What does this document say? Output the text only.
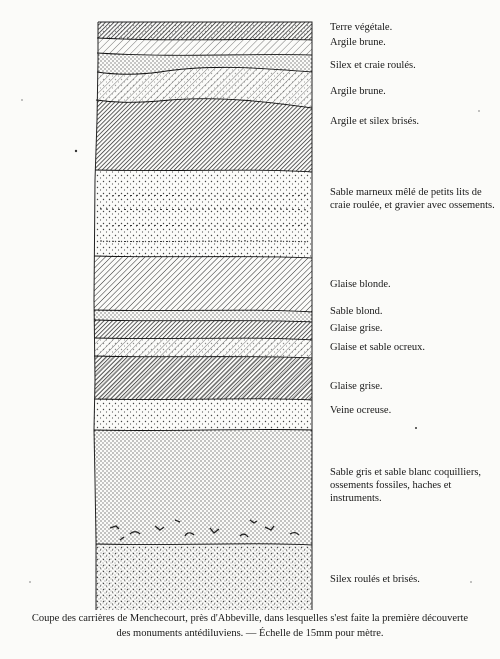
Terre végétale.
Argile brune.
Silex et craie roulés.
Argile brune.
Argile et silex brisés.
Sable marneux mêlé de petits lits de craie roulée, et gravier avec ossements.
Glaise blonde.
Sable blond.
Glaise grise.
Glaise et sable ocreux.
Glaise grise.
Veine ocreuse.
Sable gris et sable blanc coquilliers, ossements fossiles, haches et instruments.
Silex roulés et brisés.
Coupe des carrières de Menchecourt, près d'Abbeville, dans lesquelles s'est faite la première découverte
des monuments antédiluviens. — Échelle de 15mm pour mètre.
